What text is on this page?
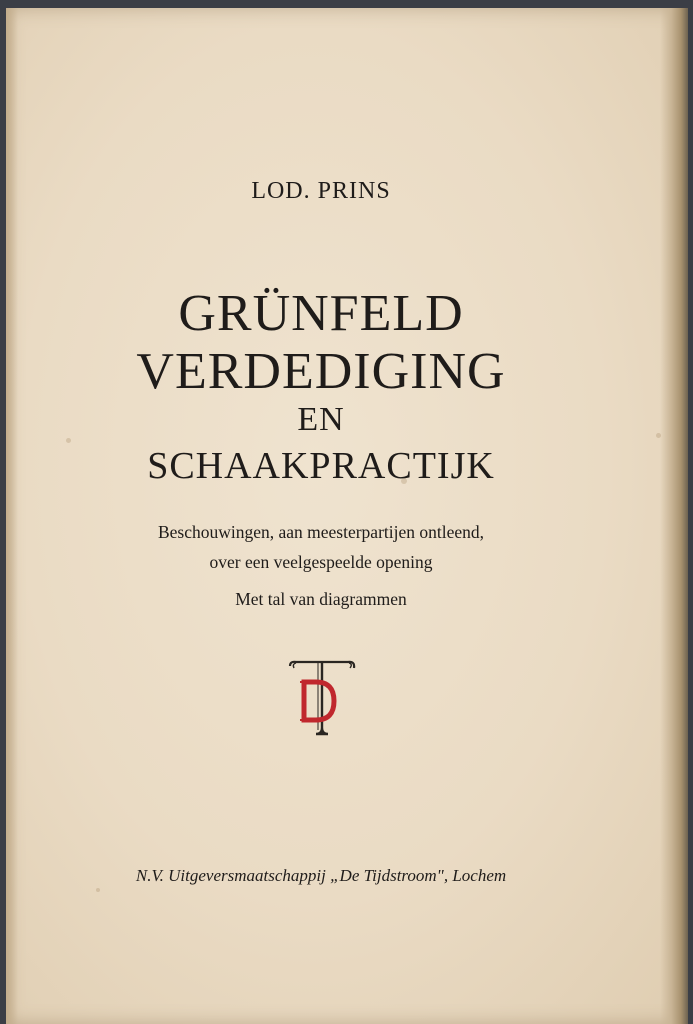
LOD. PRINS
GRÜNFELD
VERDEDIGING
EN
SCHAAKPRACTIJK
Beschouwingen, aan meesterpartijen ontleend,
over een veelgespeelde opening
Met tal van diagrammen
N.V. Uitgeversmaatschappij „De Tijdstroom", Lochem
